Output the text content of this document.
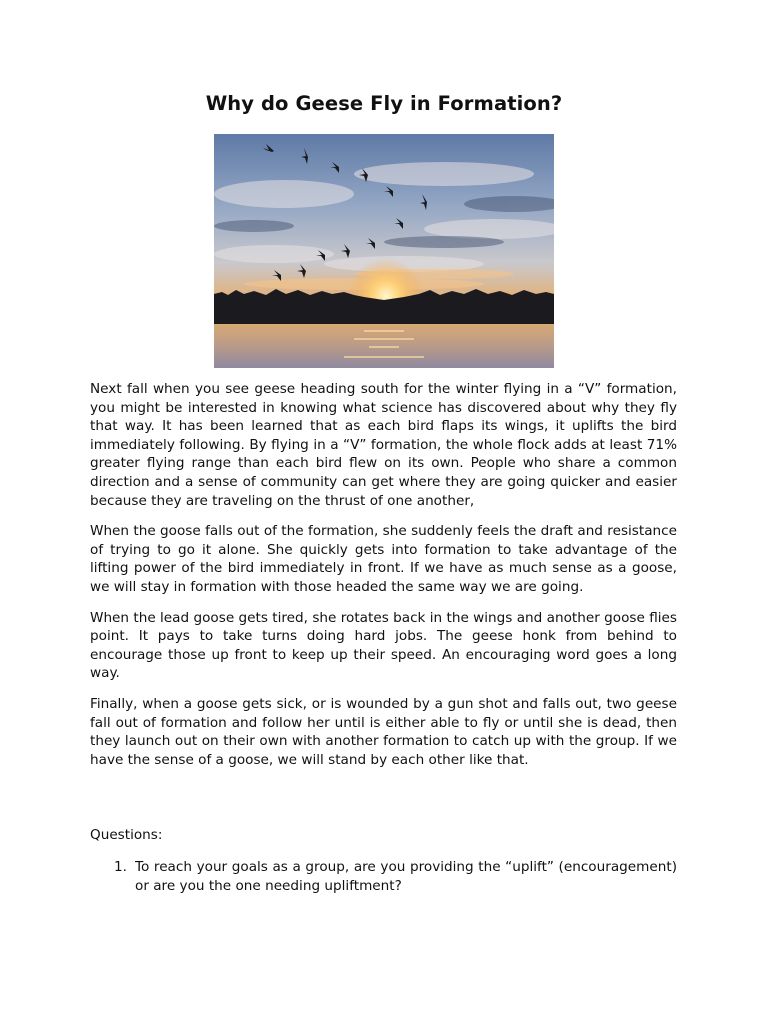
Why do Geese Fly in Formation?

Next fall when you see geese heading south for the winter flying in a “V” formation, you might be interested in knowing what science has discovered about why they fly that way. It has been learned that as each bird flaps its wings, it uplifts the bird immediately following. By flying in a “V” formation, the whole flock adds at least 71% greater flying range than each bird flew on its own. People who share a common direction and a sense of community can get where they are going quicker and easier because they are traveling on the thrust of one another,

When the goose falls out of the formation, she suddenly feels the draft and resistance of trying to go it alone. She quickly gets into formation to take advantage of the lifting power of the bird immediately in front. If we have as much sense as a goose, we will stay in formation with those headed the same way we are going.

When the lead goose gets tired, she rotates back in the wings and another goose flies point. It pays to take turns doing hard jobs. The geese honk from behind to encourage those up front to keep up their speed. An encouraging word goes a long way.

Finally, when a goose gets sick, or is wounded by a gun shot and falls out, two geese fall out of formation and follow her until is either able to fly or until she is dead, then they launch out on their own with another formation to catch up with the group. If we have the sense of a goose, we will stand by each other like that.

Questions:

1. To reach your goals as a group, are you providing the “uplift” (encouragement) or are you the one needing upliftment?
